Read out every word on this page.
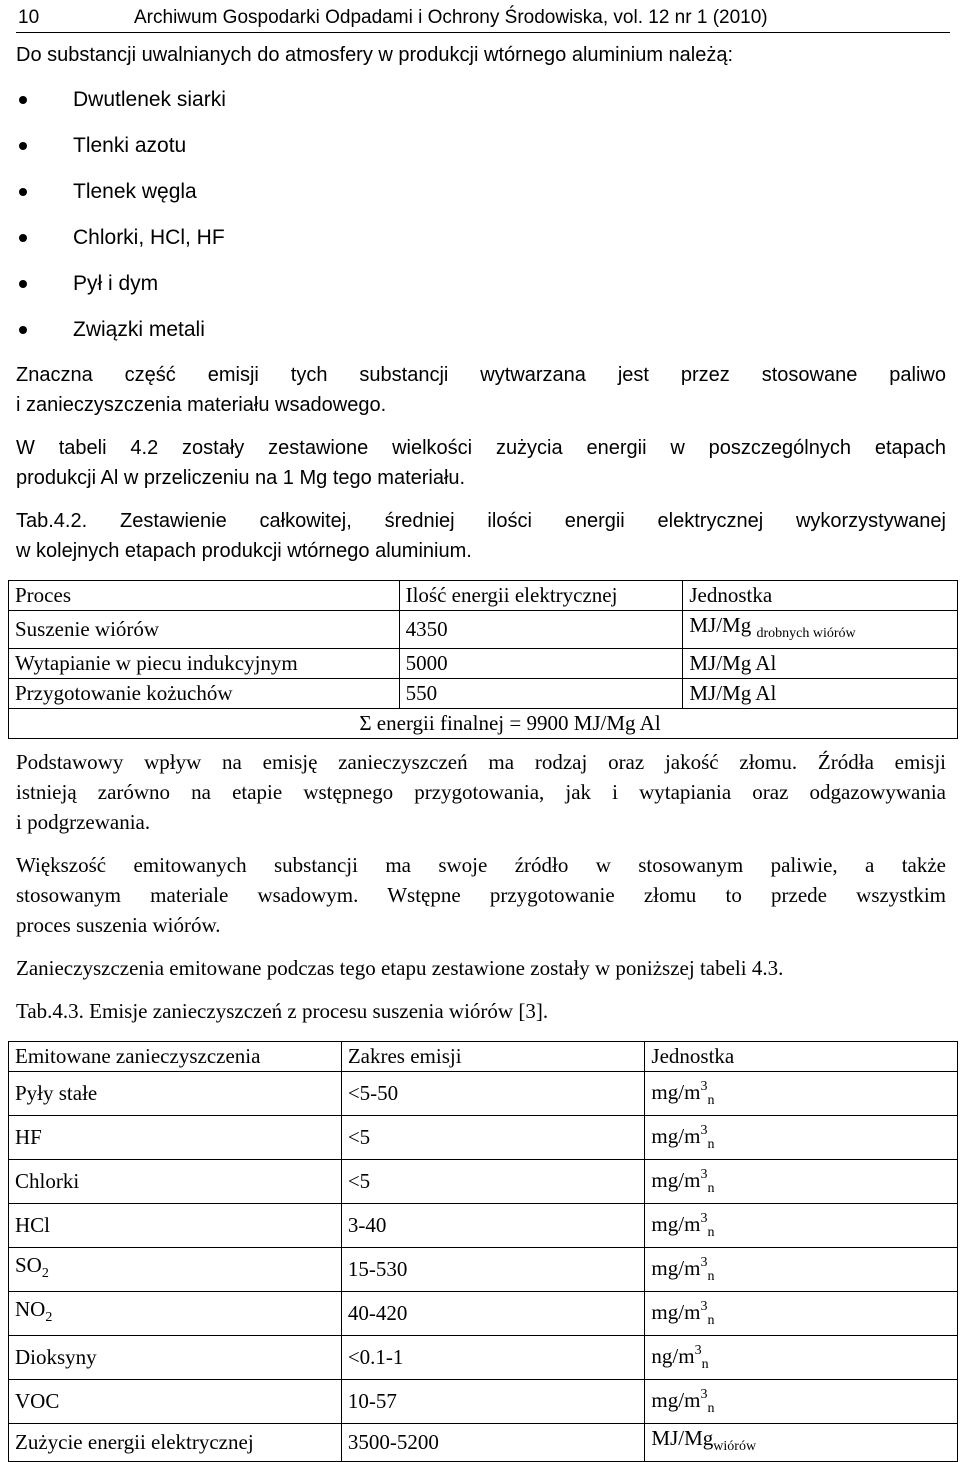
10	Archiwum Gospodarki Odpadami i Ochrony Środowiska, vol. 12 nr 1 (2010)

Do substancji uwalnianych do atmosfery w produkcji wtórnego aluminium należą:

Dwutlenek siarki
Tlenki azotu
Tlenek węgla
Chlorki, HCl, HF
Pył i dym
Związki metali

Znaczna część emisji tych substancji wytwarzana jest przez stosowane paliwo

i zanieczyszczenia materiału wsadowego.

W tabeli 4.2 zostały zestawione wielkości zużycia energii w poszczególnych etapach

produkcji Al w przeliczeniu na 1 Mg tego materiału.

Tab.4.2. Zestawienie całkowitej, średniej ilości energii elektrycznej wykorzystywanej

w kolejnych etapach produkcji wtórnego aluminium.

Proces	Ilość energii elektrycznej	Jednostka
Suszenie wiórów	4350	MJ/Mg $_{drobnych wiórów}$
Wytapianie w piecu indukcyjnym	5000	MJ/Mg Al
Przygotowanie kożuchów	550	MJ/Mg Al
Σ energii finalnej = 9900 MJ/Mg Al		

Podstawowy wpływ na emisję zanieczyszczeń ma rodzaj oraz jakość złomu. Źródła emisji

istnieją zarówno na etapie wstępnego przygotowania, jak i wytapiania oraz odgazowywania

i podgrzewania.

Większość emitowanych substancji ma swoje źródło w stosowanym paliwie, a także

stosowanym materiale wsadowym. Wstępne przygotowanie złomu to przede wszystkim

proces suszenia wiórów.

Zanieczyszczenia emitowane podczas tego etapu zestawione zostały w poniższej tabeli 4.3.

Tab.4.3. Emisje zanieczyszczeń z procesu suszenia wiórów [3].

Emitowane zanieczyszczenia	Zakres emisji	Jednostka
Pyły stałe	<5-50	$mg/m^3_n$
HF	<5	$mg/m^3_n$
Chlorki	<5	$mg/m^3_n$
HCl	3-40	$mg/m^3_n$
$SO_2$	15-530	$mg/m^3_n$
$NO_2$	40-420	$mg/m^3_n$
Dioksyny	<0.1-1	$ng/m^3_n$
VOC	10-57	$mg/m^3_n$
Zużycie energii elektrycznej	3500-5200	$MJ/Mg_{wiórów}$
